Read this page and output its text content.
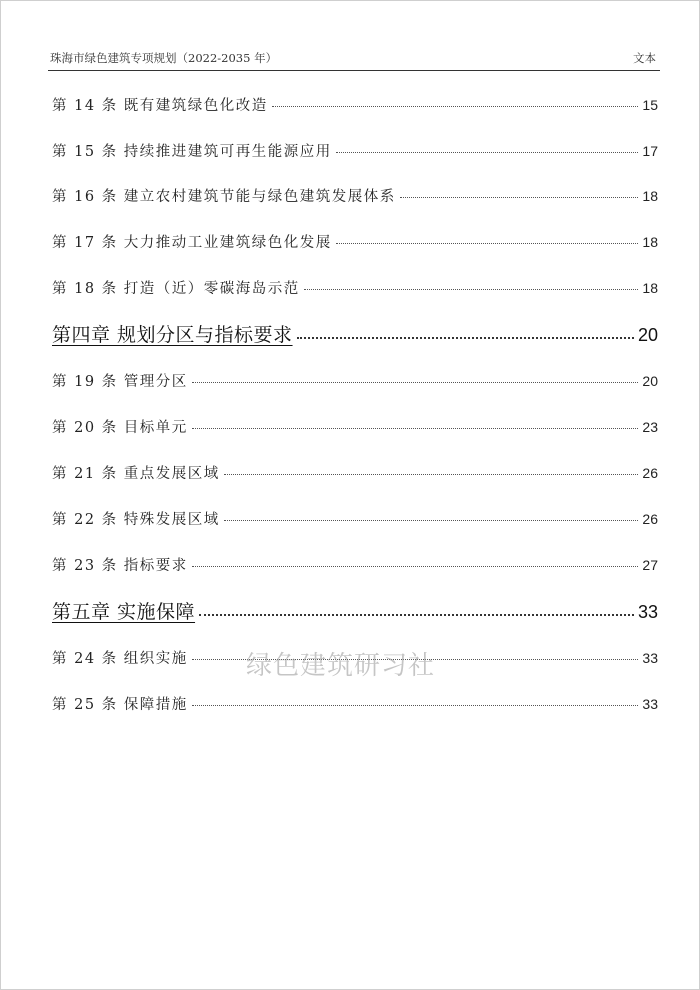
珠海市绿色建筑专项规划（2022-2035 年）	文本
第 14 条 既有建筑绿色化改造	15
第 15 条 持续推进建筑可再生能源应用	17
第 16 条 建立农村建筑节能与绿色建筑发展体系	18
第 17 条 大力推动工业建筑绿色化发展	18
第 18 条 打造（近）零碳海岛示范	18
第四章 规划分区与指标要求	20
第 19 条 管理分区	20
第 20 条 目标单元	23
第 21 条 重点发展区域	26
第 22 条 特殊发展区域	26
第 23 条 指标要求	27
第五章 实施保障	33
第 24 条 组织实施	33
第 25 条 保障措施	33
绿色建筑研习社
